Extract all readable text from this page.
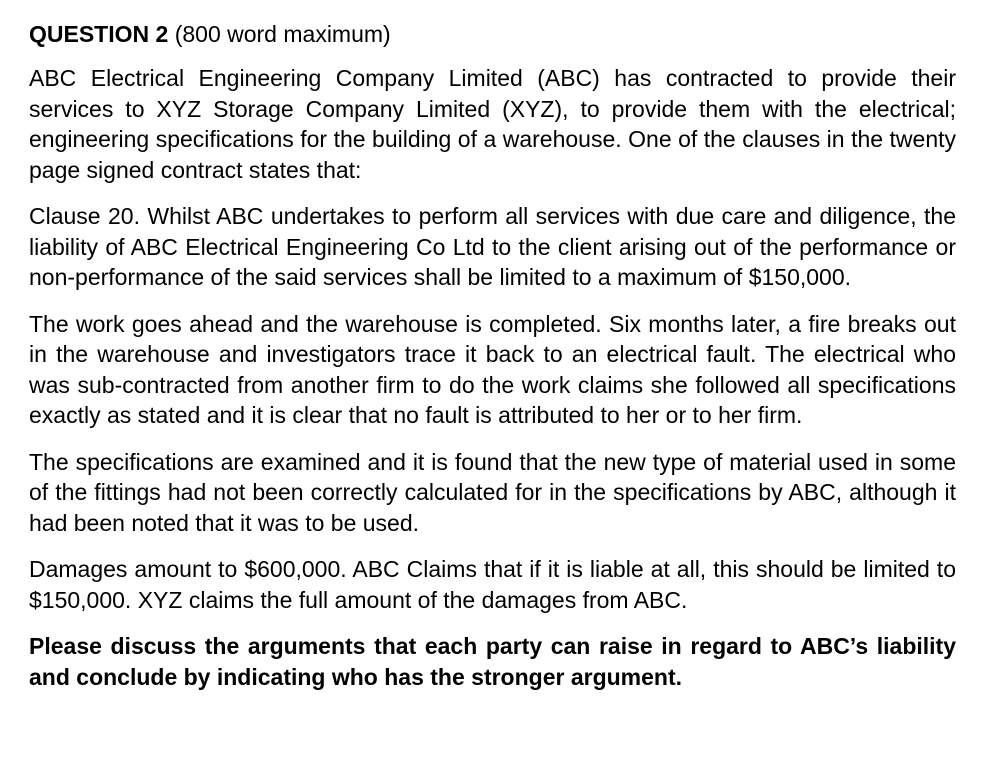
QUESTION 2 (800 word maximum)

ABC Electrical Engineering Company Limited (ABC) has contracted to provide their services to XYZ Storage Company Limited (XYZ), to provide them with the electrical; engineering specifications for the building of a warehouse. One of the clauses in the twenty page signed contract states that:

Clause 20. Whilst ABC undertakes to perform all services with due care and diligence, the liability of ABC Electrical Engineering Co Ltd to the client arising out of the performance or non-performance of the said services shall be limited to a maximum of $150,000.

The work goes ahead and the warehouse is completed. Six months later, a fire breaks out in the warehouse and investigators trace it back to an electrical fault. The electrical who was sub-contracted from another firm to do the work claims she followed all specifications exactly as stated and it is clear that no fault is attributed to her or to her firm.

The specifications are examined and it is found that the new type of material used in some of the fittings had not been correctly calculated for in the specifications by ABC, although it had been noted that it was to be used.

Damages amount to $600,000. ABC Claims that if it is liable at all, this should be limited to $150,000. XYZ claims the full amount of the damages from ABC.

Please discuss the arguments that each party can raise in regard to ABC’s liability and conclude by indicating who has the stronger argument.
